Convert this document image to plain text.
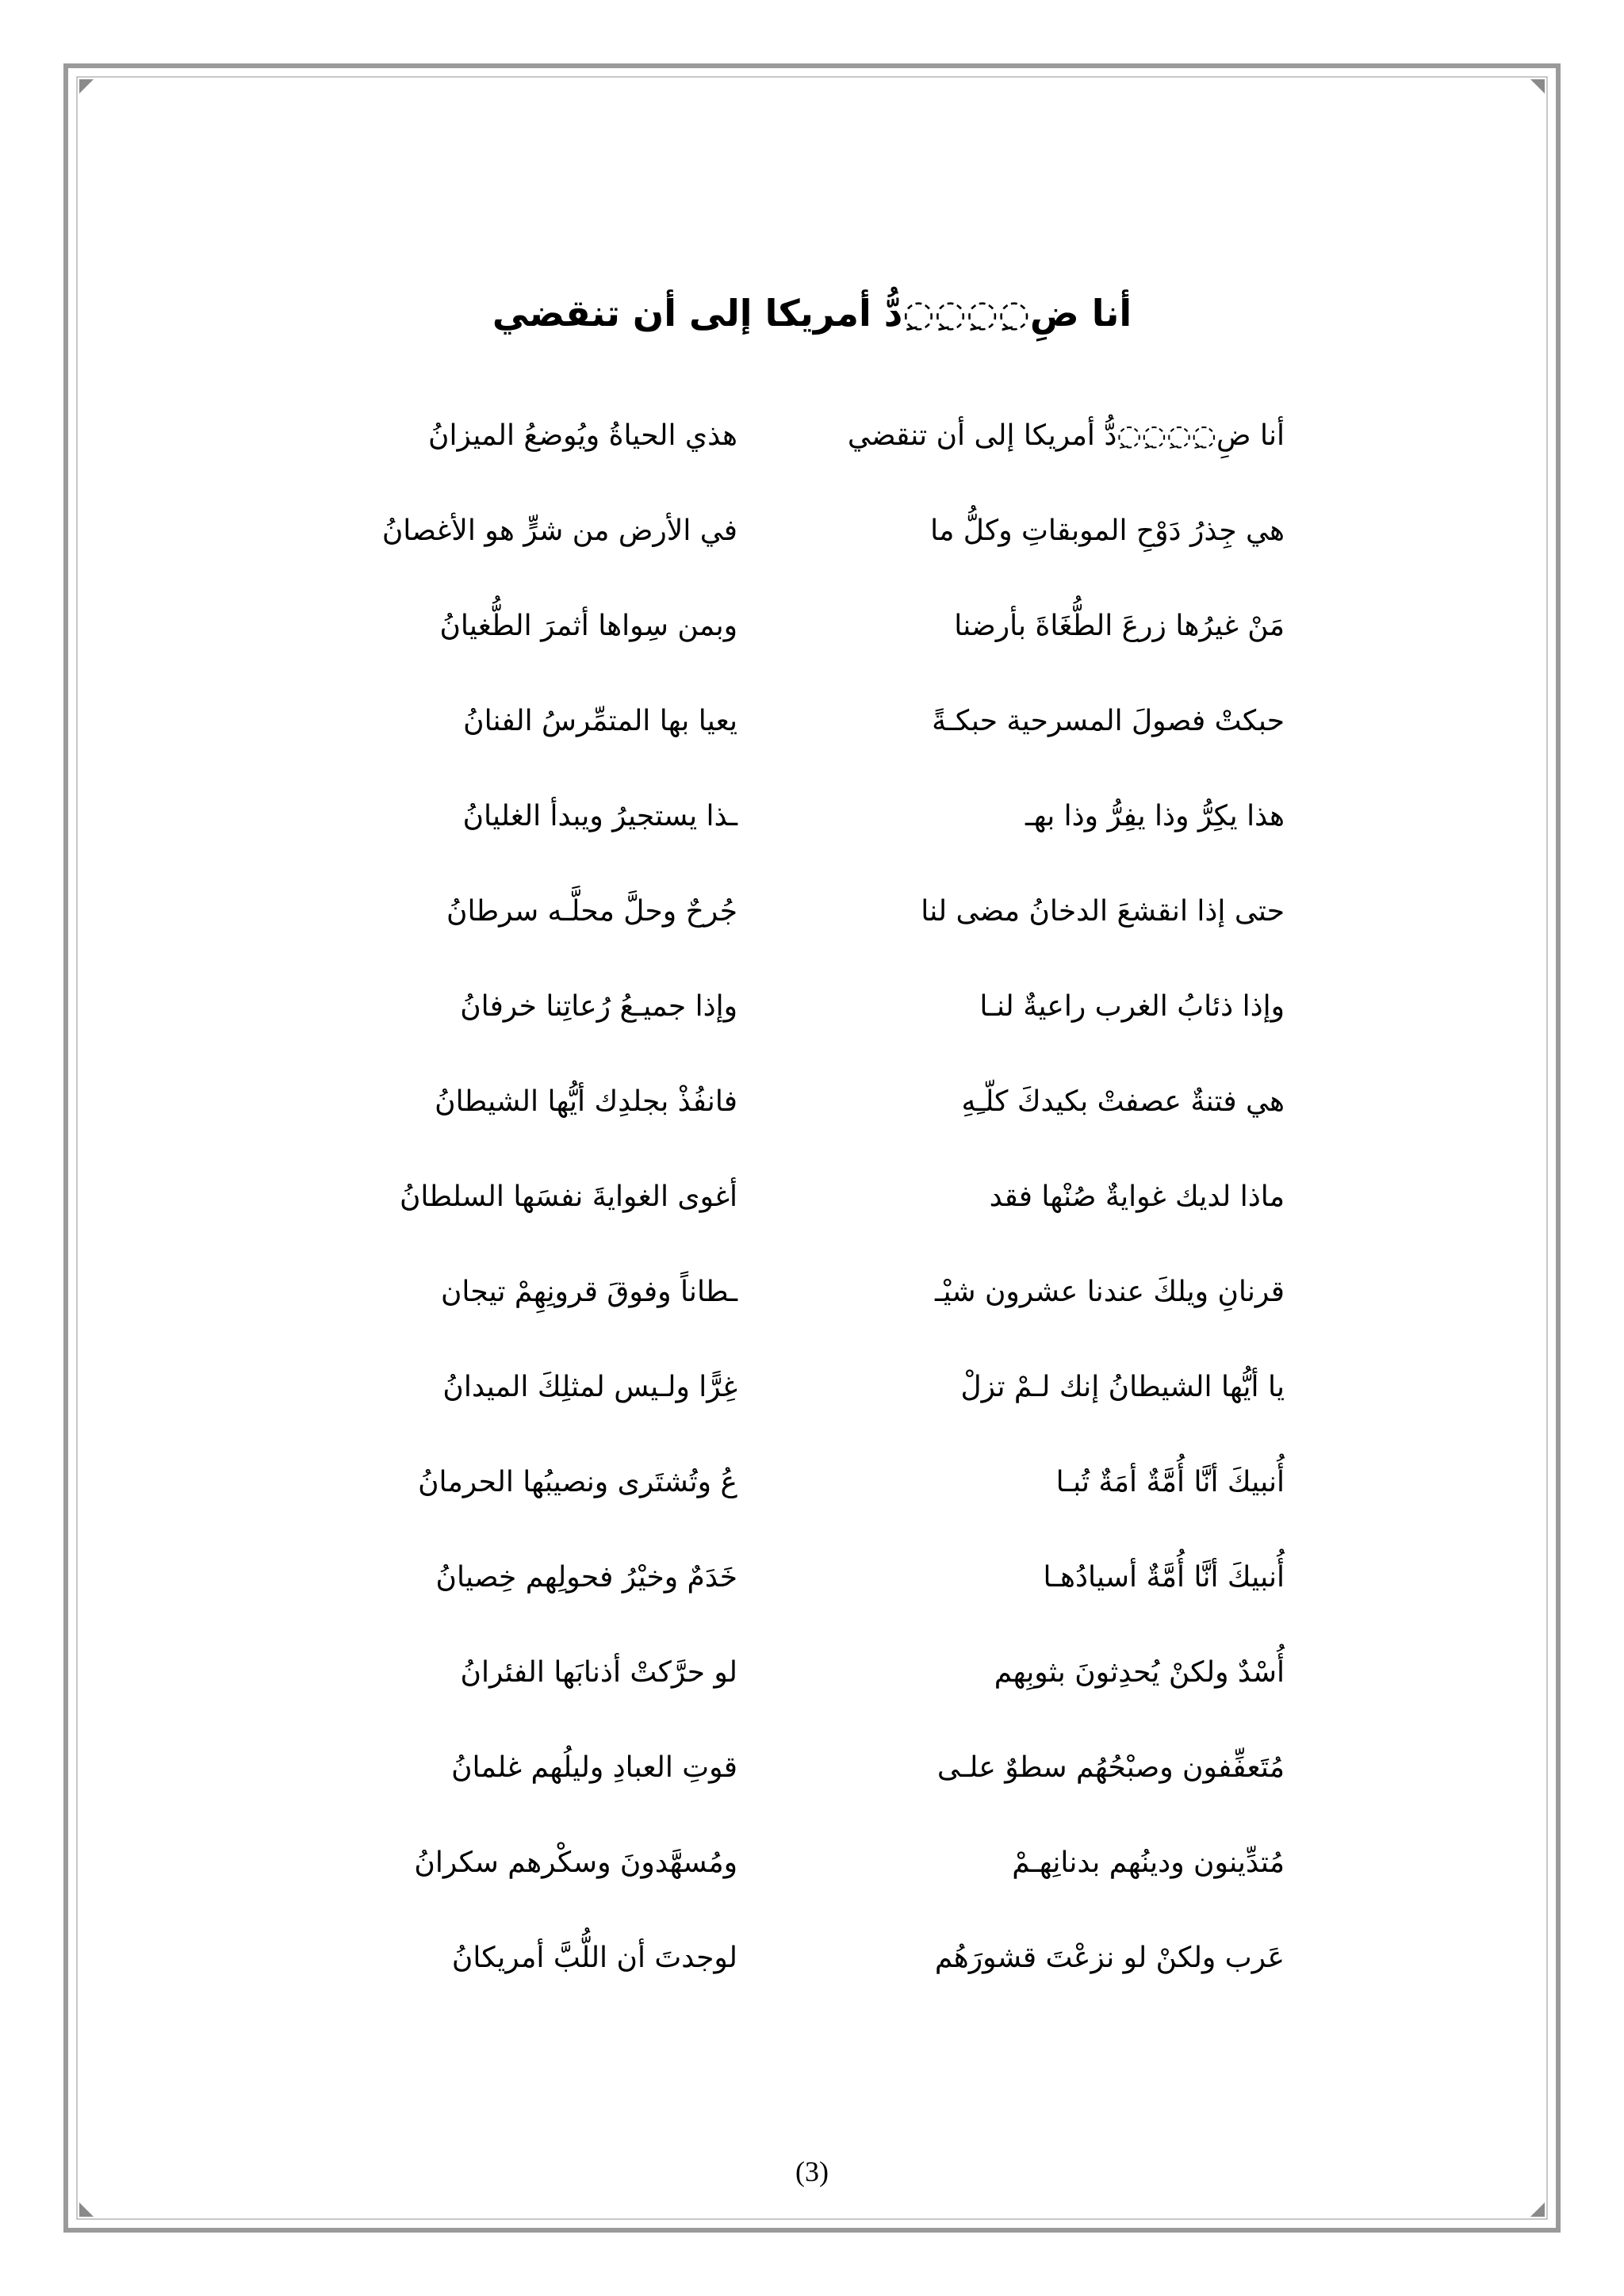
أنا ضِ◌ِ◌ِ◌ِ◌ِدُّ أمريكا إلى أن تنقضي
أنا ضِ◌ِ◌ِ◌ِ◌ِدُّ أمريكا إلى أن تنقضي
هذي الحياةُ ويُوضعُ الميزانُ
هي جِذرُ دَوْحِ الموبقاتِ وكلُّ ما
في الأرض من شرٍّ هو الأغصانُ
مَنْ غيرُها زرعَ الطُّغَاةَ بأرضنا
وبمن سِواها أثمرَ الطُّغيانُ
حبكتْ فصولَ المسرحية حبكـةً
يعيا بها المتمِّرسُ الفنانُ
هذا يكِرُّ وذا يفِرُّ وذا بهـ
ـذا يستجيرُ ويبدأ الغليانُ
حتى إذا انقشعَ الدخانُ مضى لنا
جُرحٌ وحلَّ محلَّـه سرطانُ
وإذا ذئابُ الغرب راعيةٌ لنـا
وإذا جميـعُ رُعاتِنا خرفانُ
هي فتنةٌ عصفتْ بكيدكَ كلّـِهِ
فانفُذْ بجلدِك أيُّها الشيطانُ
ماذا لديك غوايةٌ صُنْها فقد
أغوى الغوايةَ نفسَها السلطانُ
قرنانِ ويلكَ عندنا عشرون شيْـ
ـطاناً وفوقَ قرونِهِمْ تيجان
يا أيُّها الشيطانُ إنك لـمْ تزلْ
غِرًّا ولـيس لمثلِكَ الميدانُ
أُنبيكَ أنَّا أُمَّةٌ أمَةٌ تُبـا
عُ وتُشتَرى ونصيبُها الحرمانُ
أُنبيكَ أنَّا أُمَّةٌ أسيادُهـا
خَدَمٌ وخيْرُ فحولِهم خِصيانُ
أُسْدٌ ولكنْ يُحدِثونَ بثوبِهم
لو حرَّكتْ أذنابَها الفئرانُ
مُتَعفِّفون وصبْحُهُم سطوٌ علـى
قوتِ العبادِ وليلُهم غلمانُ
مُتدِّينون ودينُهم بدنانِهـمْ
ومُسهَّدونَ وسكْرهم سكرانُ
عَرب ولكنْ لو نزعْتَ قشورَهُم
لوجدتَ أن اللُّبَّ أمريكانُ
(3)
